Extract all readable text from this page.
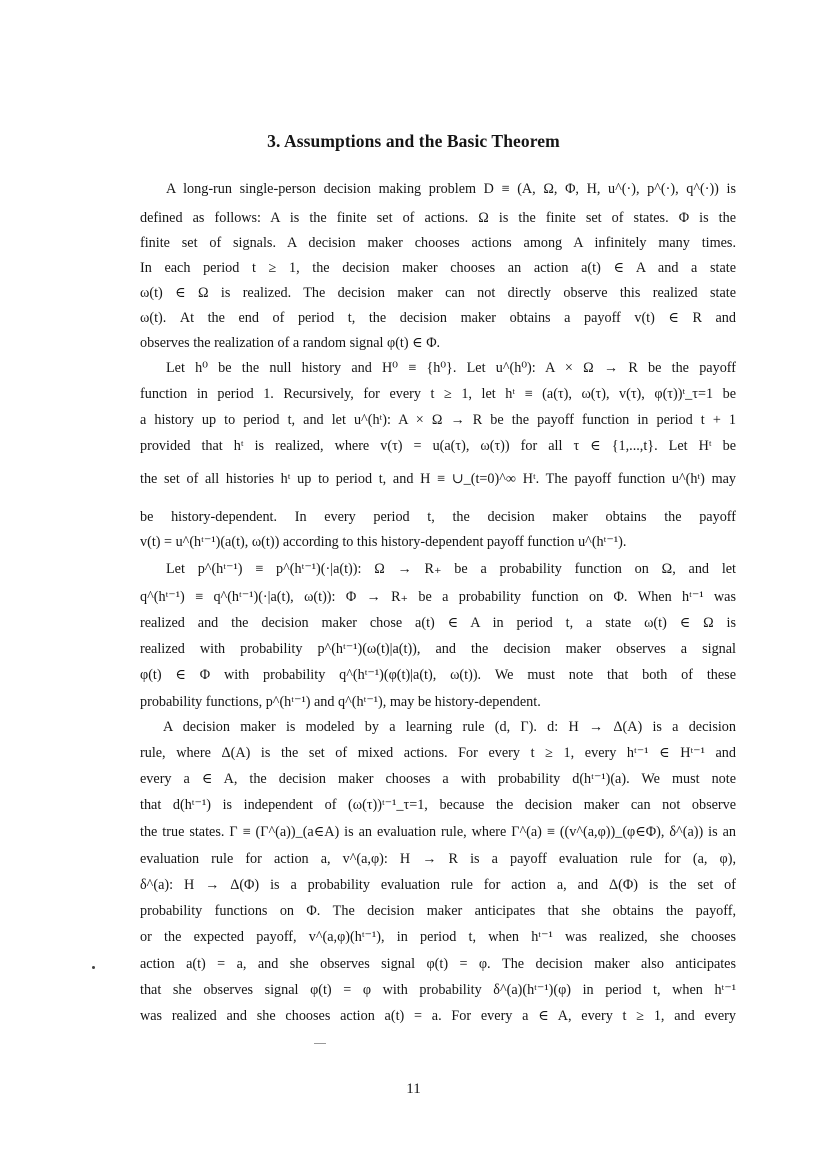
3. Assumptions and the Basic Theorem
A long-run single-person decision making problem D ≡ (A, Ω, Φ, H, u^(·), p^(·), q^(·)) is
defined as follows: A is the finite set of actions. Ω is the finite set of states. Φ is the
finite set of signals. A decision maker chooses actions among A infinitely many times.
In each period t ≥ 1, the decision maker chooses an action a(t) ∈ A and a state
ω(t) ∈ Ω is realized. The decision maker can not directly observe this realized state
ω(t). At the end of period t, the decision maker obtains a payoff v(t) ∈ R and
observes the realization of a random signal φ(t) ∈ Φ.
Let h⁰ be the null history and H⁰ ≡ {h⁰}. Let u^(h⁰): A × Ω → R be the payoff
function in period 1. Recursively, for every t ≥ 1, let hᵗ ≡ (a(τ), ω(τ), v(τ), φ(τ))ᵗ_τ=1 be
a history up to period t, and let u^(hᵗ): A × Ω → R be the payoff function in period t + 1
provided that hᵗ is realized, where v(τ) = u(a(τ), ω(τ)) for all τ ∈ {1,...,t}. Let Hᵗ be
the set of all histories hᵗ up to period t, and H ≡ ∪_(t=0)^∞ Hᵗ. The payoff function u^(hᵗ) may
be history-dependent. In every period t, the decision maker obtains the payoff
v(t) = u^(hᵗ⁻¹)(a(t), ω(t)) according to this history-dependent payoff function u^(hᵗ⁻¹).
Let p^(hᵗ⁻¹) ≡ p^(hᵗ⁻¹)(·|a(t)): Ω → R₊ be a probability function on Ω, and let
q^(hᵗ⁻¹) ≡ q^(hᵗ⁻¹)(·|a(t), ω(t)): Φ → R₊ be a probability function on Φ. When hᵗ⁻¹ was
realized and the decision maker chose a(t) ∈ A in period t, a state ω(t) ∈ Ω is
realized with probability p^(hᵗ⁻¹)(ω(t)|a(t)), and the decision maker observes a signal
φ(t) ∈ Φ with probability q^(hᵗ⁻¹)(φ(t)|a(t), ω(t)). We must note that both of these
probability functions, p^(hᵗ⁻¹) and q^(hᵗ⁻¹), may be history-dependent.
A decision maker is modeled by a learning rule (d, Γ). d: H → Δ(A) is a decision
rule, where Δ(A) is the set of mixed actions. For every t ≥ 1, every hᵗ⁻¹ ∈ Hᵗ⁻¹ and
every a ∈ A, the decision maker chooses a with probability d(hᵗ⁻¹)(a). We must note
that d(hᵗ⁻¹) is independent of (ω(τ))ᵗ⁻¹_τ=1, because the decision maker can not observe
the true states. Γ ≡ (Γ^(a))_(a∈A) is an evaluation rule, where Γ^(a) ≡ ((v^(a,φ))_(φ∈Φ), δ^(a)) is an
evaluation rule for action a, v^(a,φ): H → R is a payoff evaluation rule for (a, φ),
δ^(a): H → Δ(Φ) is a probability evaluation rule for action a, and Δ(Φ) is the set of
probability functions on Φ. The decision maker anticipates that she obtains the payoff,
or the expected payoff, v^(a,φ)(hᵗ⁻¹), in period t, when hᵗ⁻¹ was realized, she chooses
action a(t) = a, and she observes signal φ(t) = φ. The decision maker also anticipates
that she observes signal φ(t) = φ with probability δ^(a)(hᵗ⁻¹)(φ) in period t, when hᵗ⁻¹
was realized and she chooses action a(t) = a. For every a ∈ A, every t ≥ 1, and every
11
